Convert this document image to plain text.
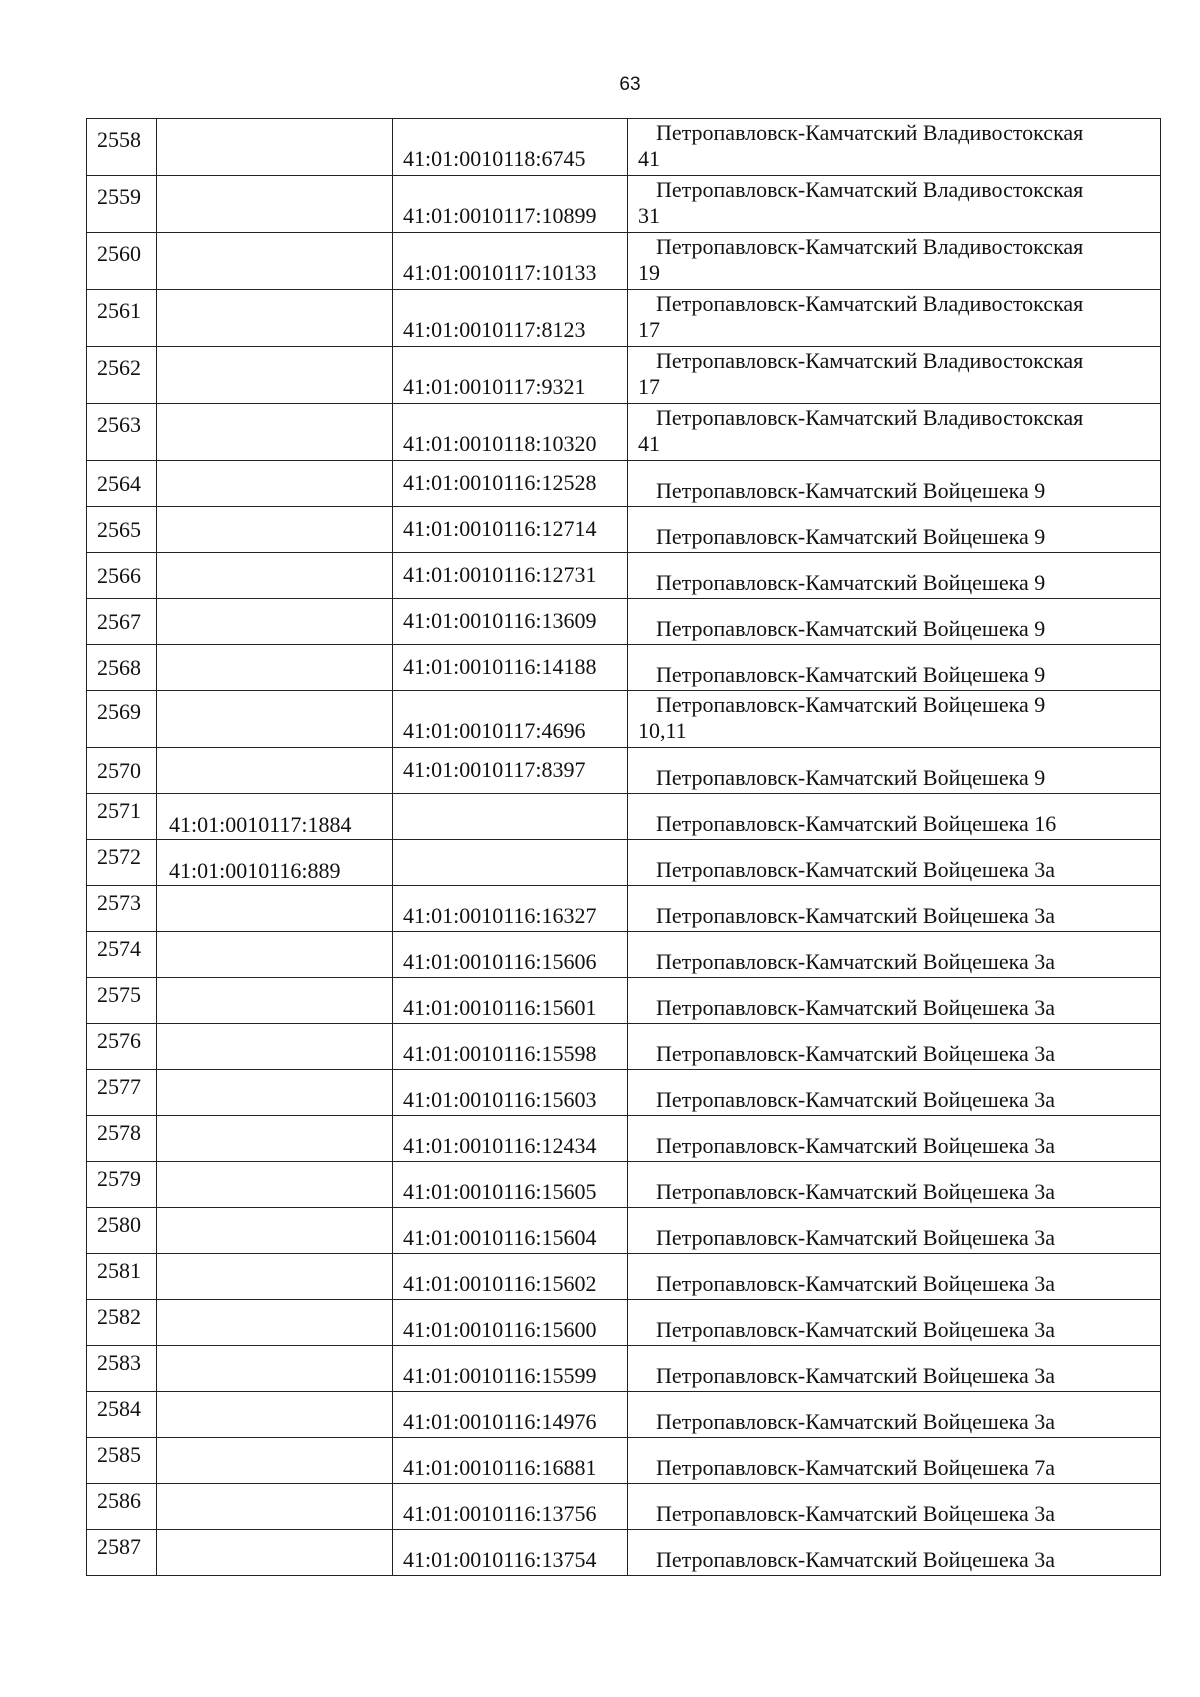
63
2558		41:01:0010118:6745	Петропавловск-Камчатский Владивостокская
41

2559		41:01:0010117:10899	Петропавловск-Камчатский Владивостокская
31

2560		41:01:0010117:10133	Петропавловск-Камчатский Владивостокская
19

2561		41:01:0010117:8123	Петропавловск-Камчатский Владивостокская
17

2562		41:01:0010117:9321	Петропавловск-Камчатский Владивостокская
17

2563		41:01:0010118:10320	Петропавловск-Камчатский Владивостокская
41

2564		41:01:0010116:12528	Петропавловск-Камчатский Войцешека 9
2565		41:01:0010116:12714	Петропавловск-Камчатский Войцешека 9
2566		41:01:0010116:12731	Петропавловск-Камчатский Войцешека 9
2567		41:01:0010116:13609	Петропавловск-Камчатский Войцешека 9
2568		41:01:0010116:14188	Петропавловск-Камчатский Войцешека 9
2569		41:01:0010117:4696	Петропавловск-Камчатский Войцешека 9
10,11

2570		41:01:0010117:8397	Петропавловск-Камчатский Войцешека 9
2571	41:01:0010117:1884		Петропавловск-Камчатский Войцешека 16
2572	41:01:0010116:889		Петропавловск-Камчатский Войцешека 3а
2573		41:01:0010116:16327	Петропавловск-Камчатский Войцешека 3а
2574		41:01:0010116:15606	Петропавловск-Камчатский Войцешека 3а
2575		41:01:0010116:15601	Петропавловск-Камчатский Войцешека 3а
2576		41:01:0010116:15598	Петропавловск-Камчатский Войцешека 3а
2577		41:01:0010116:15603	Петропавловск-Камчатский Войцешека 3а
2578		41:01:0010116:12434	Петропавловск-Камчатский Войцешека 3а
2579		41:01:0010116:15605	Петропавловск-Камчатский Войцешека 3а
2580		41:01:0010116:15604	Петропавловск-Камчатский Войцешека 3а
2581		41:01:0010116:15602	Петропавловск-Камчатский Войцешека 3а
2582		41:01:0010116:15600	Петропавловск-Камчатский Войцешека 3а
2583		41:01:0010116:15599	Петропавловск-Камчатский Войцешека 3а
2584		41:01:0010116:14976	Петропавловск-Камчатский Войцешека 3а
2585		41:01:0010116:16881	Петропавловск-Камчатский Войцешека 7а
2586		41:01:0010116:13756	Петропавловск-Камчатский Войцешека 3а
2587		41:01:0010116:13754	Петропавловск-Камчатский Войцешека 3а
